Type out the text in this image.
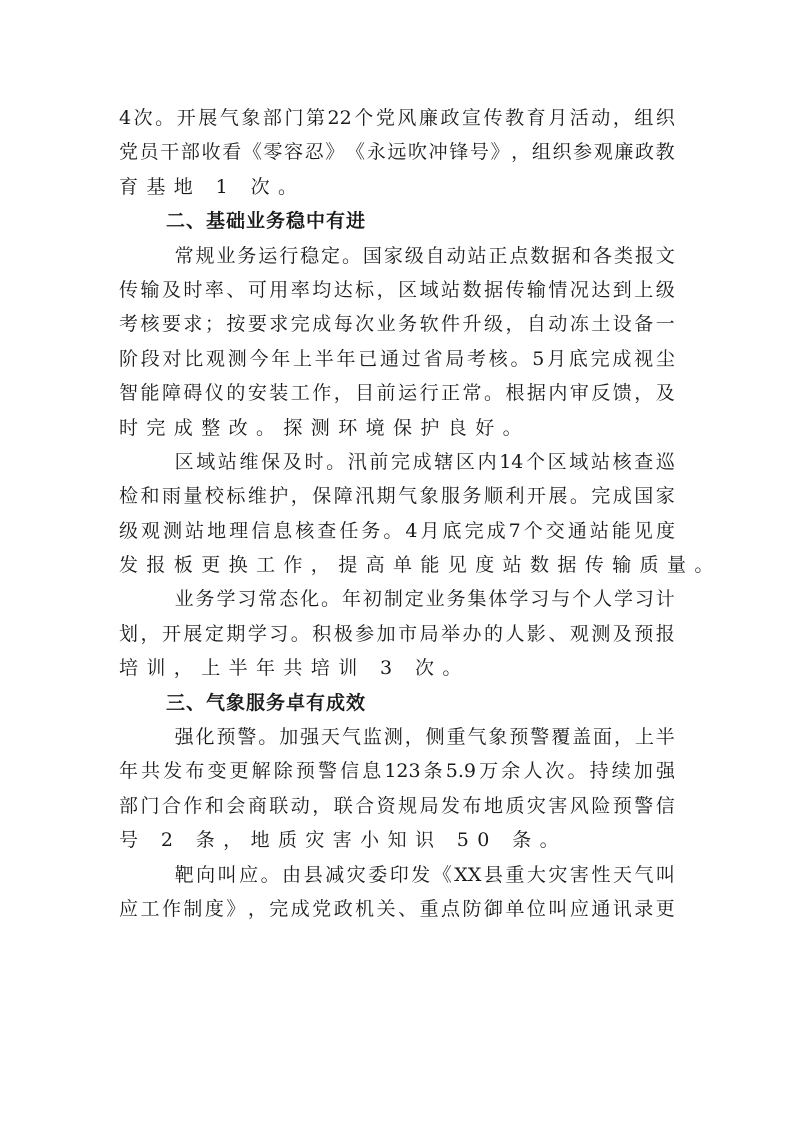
4 次 。 开 展 气 象 部 门 第 22 个 党 风 廉 政 宣 传 教 育 月 活 动 ， 组 织
党 员 干 部 收 看 《 零 容 忍 》 《 永 远 吹 冲 锋 号 》 ， 组 织 参 观 廉 政 教
育基地 1 次。
二、基础业务稳中有进
常 规 业 务 运 行 稳 定 。 国 家 级 自 动 站 正 点 数 据 和 各 类 报 文
传 输 及 时 率 、 可 用 率 均 达 标 ， 区 域 站 数 据 传 输 情 况 达 到 上 级
考 核 要 求 ； 按 要 求 完 成 每 次 业 务 软 件 升 级 ， 自 动 冻 土 设 备 一
阶 段 对 比 观 测 今 年 上 半 年 已 通 过 省 局 考 核 。 5 月 底 完 成 视 尘
智 能 障 碍 仪 的 安 装 工 作 ， 目 前 运 行 正 常 。 根 据 内 审 反 馈 ， 及
时完成整改。探测环境保护良好。
区 域 站 维 保 及 时 。 汛 前 完 成 辖 区 内 14 个 区 域 站 核 查 巡
检 和 雨 量 校 标 维 护 ， 保 障 汛 期 气 象 服 务 顺 利 开 展 。 完 成 国 家
级 观 测 站 地 理 信 息 核 查 任 务 。 4 月 底 完 成 7 个 交 通 站 能 见 度
发报板更换工作，提高单能见度站数据传输质量。
业 务 学 习 常 态 化 。 年 初 制 定 业 务 集 体 学 习 与 个 人 学 习 计
划 ， 开 展 定 期 学 习 。 积 极 参 加 市 局 举 办 的 人 影 、 观 测 及 预 报
培训，上半年共培训 3 次。
三、气象服务卓有成效
强 化 预 警 。 加 强 天 气 监 测 ， 侧 重 气 象 预 警 覆 盖 面 ， 上 半
年 共 发 布 变 更 解 除 预 警 信 息 123 条 5.9 万 余 人 次 。 持 续 加 强
部 门 合 作 和 会 商 联 动 ， 联 合 资 规 局 发 布 地 质 灾 害 风 险 预 警 信
号 2 条，地质灾害小知识 50 条。
靶 向 叫 应 。 由 县 减 灾 委 印 发 《 XX 县 重 大 灾 害 性 天 气 叫
应 工 作 制 度 》 ， 完 成 党 政 机 关 、 重 点 防 御 单 位 叫 应 通 讯 录 更
